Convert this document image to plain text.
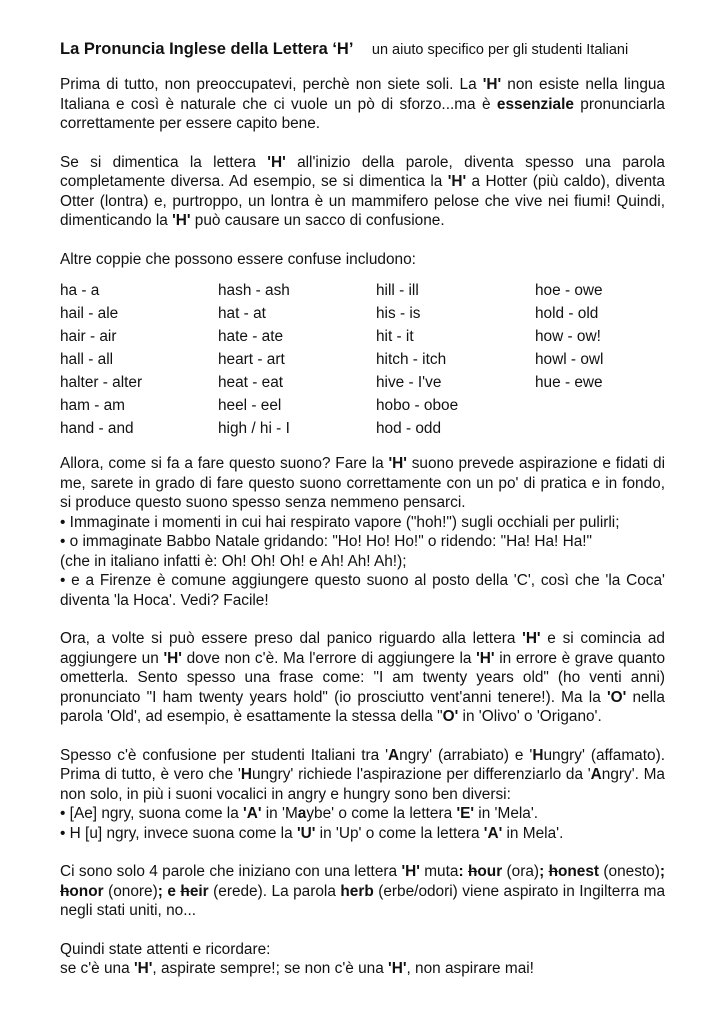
La Pronuncia Inglese della Lettera ‘H’ un aiuto specifico per gli studenti Italiani

Prima di tutto, non preoccupatevi, perchè non siete soli. La 'H' non esiste nella lingua Italiana e così è naturale che ci vuole un pò di sforzo...ma è essenziale pronunciarla correttamente per essere capito bene.

Se si dimentica la lettera 'H' all'inizio della parole, diventa spesso una parola completamente diversa. Ad esempio, se si dimentica la 'H' a Hotter (più caldo), diventa Otter (lontra) e, purtroppo, un lontra è un mammifero pelose che vive nei fiumi! Quindi, dimenticando la 'H' può causare un sacco di confusione.

Altre coppie che possono essere confuse includono:

ha - a	hash - ash	hill - ill	hoe - owe
hail - ale	hat - at	his - is	hold - old
hair - air	hate - ate	hit - it	how - ow!
hall - all	heart - art	hitch - itch	howl - owl
halter - alter	heat - eat	hive - I've	hue - ewe
ham - am	heel - eel	hobo - oboe
hand - and	high / hi - I	hod - odd

Allora, come si fa a fare questo suono? Fare la 'H' suono prevede aspirazione e fidati di me, sarete in grado di fare questo suono correttamente con un po' di pratica e in fondo, si produce questo suono spesso senza nemmeno pensarci.

• Immaginate i momenti in cui hai respirato vapore ("hoh!") sugli occhiali per pulirli;

• o immaginate Babbo Natale gridando: "Ho! Ho! Ho!" o ridendo: "Ha! Ha! Ha!"

(che in italiano infatti è: Oh! Oh! Oh! e Ah! Ah! Ah!);

• e a Firenze è comune aggiungere questo suono al posto della 'C', così che 'la Coca' diventa 'la Hoca'. Vedi? Facile!

Ora, a volte si può essere preso dal panico riguardo alla lettera 'H' e si comincia ad aggiungere un 'H' dove non c'è. Ma l'errore di aggiungere la 'H' in errore è grave quanto ometterla. Sento spesso una frase come: "I am twenty years old" (ho venti anni) pronunciato "I ham twenty years hold" (io prosciutto vent'anni tenere!). Ma la 'O' nella parola 'Old', ad esempio, è esattamente la stessa della "O' in 'Olivo' o 'Origano'.

Spesso c'è confusione per studenti Italiani tra 'Angry' (arrabiato) e 'Hungry' (affamato). Prima di tutto, è vero che 'Hungry' richiede l'aspirazione per differenziarlo da 'Angry'. Ma non solo, in più i suoni vocalici in angry e hungry sono ben diversi:

• [Ae] ngry, suona come la 'A' in 'Maybe' o come la lettera 'E' in 'Mela'.

• H [u] ngry, invece suona come la 'U' in 'Up' o come la lettera 'A' in Mela'.

Ci sono solo 4 parole che iniziano con una lettera 'H' muta: hour (ora); honest (onesto); honor (onore); e heir (erede). La parola herb (erbe/odori) viene aspirato in Ingilterra ma negli stati uniti, no...

Quindi state attenti e ricordare:

se c'è una 'H', aspirate sempre!; se non c'è una 'H', non aspirare mai!
